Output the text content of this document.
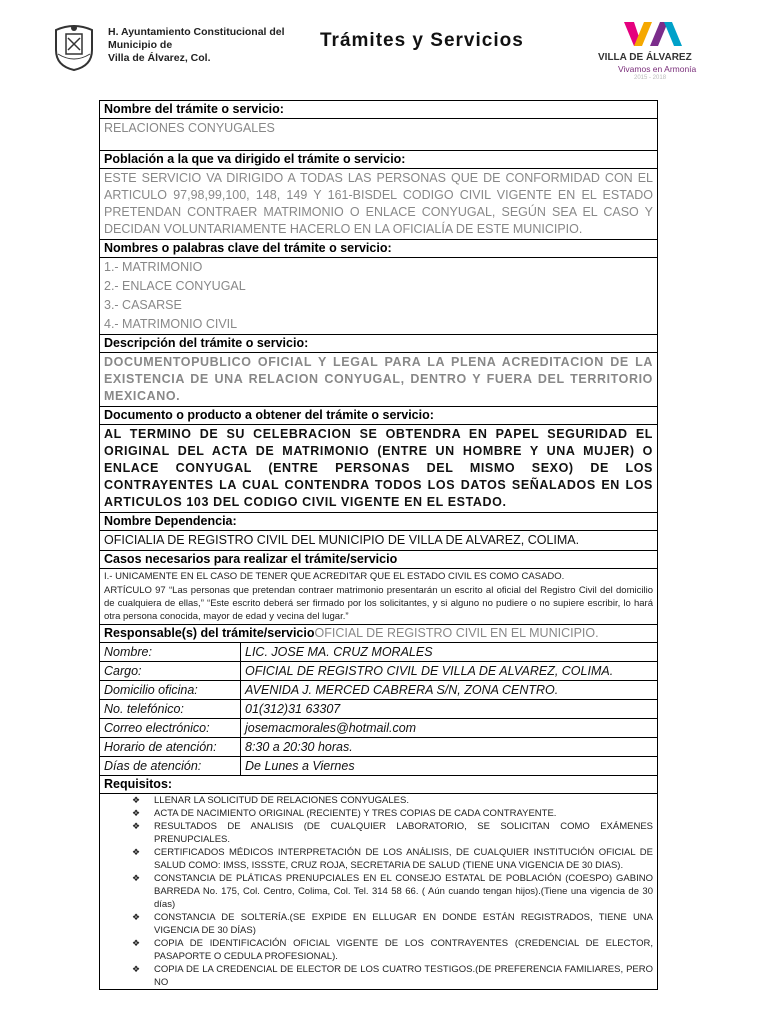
H. Ayuntamiento Constitucional del
Municipio de
Villa de Álvarez, Col.
Trámites y Servicios
VILLA DE ÁLVAREZ
Vivamos en Armonía
2015 - 2018
Nombre del trámite o servicio:
RELACIONES CONYUGALES
Población a la que va dirigido el trámite o servicio:
ESTE SERVICIO VA DIRIGIDO A TODAS LAS PERSONAS QUE DE CONFORMIDAD CON EL ARTICULO 97,98,99,100, 148, 149 Y 161-BISDEL CODIGO CIVIL VIGENTE EN EL ESTADO PRETENDAN CONTRAER MATRIMONIO O ENLACE CONYUGAL, SEGÚN SEA EL CASO Y DECIDAN VOLUNTARIAMENTE HACERLO EN LA OFICIALÍA DE ESTE MUNICIPIO.
Nombres o palabras clave del trámite o servicio:
1.- MATRIMONIO
2.- ENLACE CONYUGAL
3.- CASARSE
4.- MATRIMONIO CIVIL
Descripción del trámite o servicio:
DOCUMENTOPUBLICO OFICIAL Y LEGAL PARA LA PLENA ACREDITACION DE LA EXISTENCIA DE UNA RELACION CONYUGAL, DENTRO Y FUERA DEL TERRITORIO MEXICANO.
Documento o producto a obtener del trámite o servicio:
AL TERMINO DE SU CELEBRACION SE OBTENDRA EN PAPEL SEGURIDAD EL ORIGINAL DEL ACTA DE MATRIMONIO (ENTRE UN HOMBRE Y UNA MUJER) O ENLACE CONYUGAL (ENTRE PERSONAS DEL MISMO SEXO) DE LOS CONTRAYENTES LA CUAL CONTENDRA TODOS LOS DATOS SEÑALADOS EN LOS ARTICULOS 103 DEL CODIGO CIVIL VIGENTE EN EL ESTADO.
Nombre Dependencia:
OFICIALIA DE REGISTRO CIVIL DEL MUNICIPIO DE VILLA DE ALVAREZ, COLIMA.
Casos necesarios para realizar el trámite/servicio
I.- UNICAMENTE EN EL CASO DE TENER QUE ACREDITAR QUE EL ESTADO CIVIL ES COMO CASADO.
ARTÍCULO 97 “Las personas que pretendan contraer matrimonio presentarán un escrito al oficial del Registro Civil del domicilio de cualquiera de ellas,” “Este escrito deberá ser firmado por los solicitantes, y si alguno no pudiere o no supiere escribir, lo hará otra persona conocida, mayor de edad y vecina del lugar.”
Responsable(s) del trámite/servicioOFICIAL DE REGISTRO CIVIL EN EL MUNICIPIO.
Nombre:	LIC. JOSE MA. CRUZ MORALES
Cargo:	OFICIAL DE REGISTRO CIVIL DE VILLA DE ALVAREZ, COLIMA.
Domicilio oficina:	AVENIDA J. MERCED CABRERA S/N, ZONA CENTRO.
No. telefónico:	01(312)31 63307
Correo electrónico:	josemacmorales@hotmail.com
Horario de atención:	8:30 a 20:30 horas.
Días de atención:	De Lunes a Viernes
Requisitos:
❖ LLENAR LA SOLICITUD DE RELACIONES CONYUGALES.
❖ ACTA DE NACIMIENTO ORIGINAL (RECIENTE) Y TRES COPIAS DE CADA CONTRAYENTE.
❖ RESULTADOS DE ANALISIS (DE CUALQUIER LABORATORIO, SE SOLICITAN COMO EXÁMENES PRENUPCIALES.
❖ CERTIFICADOS MÉDICOS INTERPRETACIÓN DE LOS ANÁLISIS, DE CUALQUIER INSTITUCIÓN OFICIAL DE SALUD COMO: IMSS, ISSSTE, CRUZ ROJA, SECRETARIA DE SALUD (TIENE UNA VIGENCIA DE 30 DIAS).
❖ CONSTANCIA DE PLÁTICAS PRENUPCIALES EN EL CONSEJO ESTATAL DE POBLACIÓN (COESPO) GABINO BARREDA No. 175, Col. Centro, Colima, Col. Tel. 314 58 66. ( Aún cuando tengan hijos).(Tiene una vigencia de 30 días)
❖ CONSTANCIA DE SOLTERÍA.(SE EXPIDE EN ELLUGAR EN DONDE ESTÁN REGISTRADOS, TIENE UNA VIGENCIA DE 30 DÍAS)
❖ COPIA DE IDENTIFICACIÓN OFICIAL VIGENTE DE LOS CONTRAYENTES (CREDENCIAL DE ELECTOR, PASAPORTE O CEDULA PROFESIONAL).
❖ COPIA DE LA CREDENCIAL DE ELECTOR DE LOS CUATRO TESTIGOS.(DE PREFERENCIA FAMILIARES, PERO NO
